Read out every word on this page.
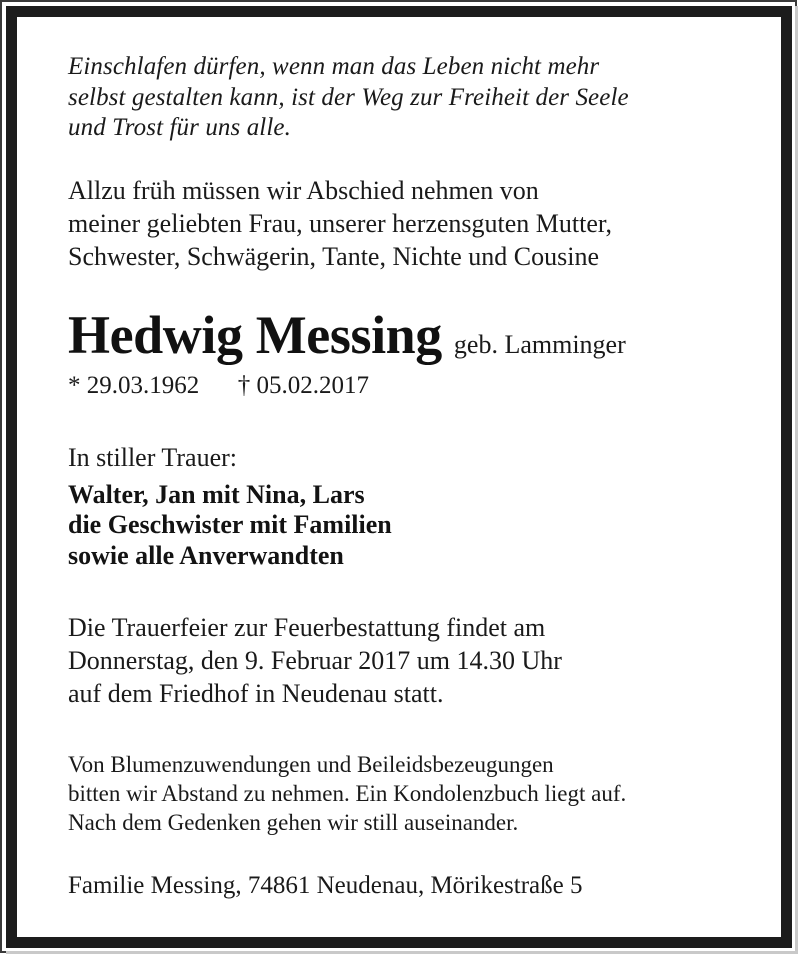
Einschlafen dürfen, wenn man das Leben nicht mehr
selbst gestalten kann, ist der Weg zur Freiheit der Seele
und Trost für uns alle.
Allzu früh müssen wir Abschied nehmen von
meiner geliebten Frau, unserer herzensguten Mutter,
Schwester, Schwägerin, Tante, Nichte und Cousine
Hedwig Messing geb. Lamminger
* 29.03.1962 † 05.02.2017
In stiller Trauer:
Walter, Jan mit Nina, Lars
die Geschwister mit Familien
sowie alle Anverwandten
Die Trauerfeier zur Feuerbestattung findet am
Donnerstag, den 9. Februar 2017 um 14.30 Uhr
auf dem Friedhof in Neudenau statt.
Von Blumenzuwendungen und Beileidsbezeugungen
bitten wir Abstand zu nehmen. Ein Kondolenzbuch liegt auf.
Nach dem Gedenken gehen wir still auseinander.
Familie Messing, 74861 Neudenau, Mörikestraße 5
